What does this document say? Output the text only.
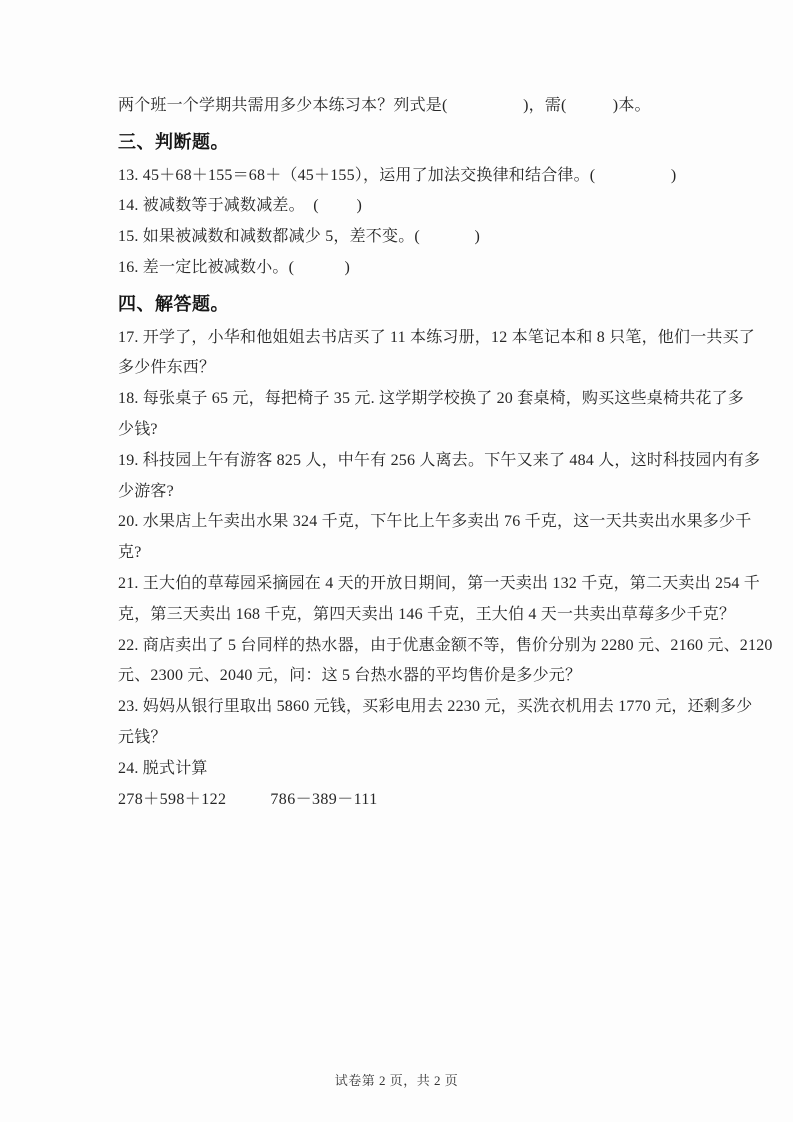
两个班一个学期共需用多少本练习本？列式是(                  )，需(           )本。
三、判断题。
13. 45＋68＋155＝68＋（45＋155），运用了加法交换律和结合律。(                  )
14. 被减数等于减数减差。  (         )
15. 如果被减数和减数都减少 5，差不变。(             )
16. 差一定比被减数小。(            )
四、解答题。
17. 开学了，小华和他姐姐去书店买了 11 本练习册，12 本笔记本和 8 只笔，他们一共买了
多少件东西？
18. 每张桌子 65 元，每把椅子 35 元. 这学期学校换了 20 套桌椅，购买这些桌椅共花了多
少钱?
19. 科技园上午有游客 825 人，中午有 256 人离去。下午又来了 484 人，这时科技园内有多
少游客?
20. 水果店上午卖出水果 324 千克，下午比上午多卖出 76 千克，这一天共卖出水果多少千
克?
21. 王大伯的草莓园采摘园在 4 天的开放日期间，第一天卖出 132 千克，第二天卖出 254 千
克，第三天卖出 168 千克，第四天卖出 146 千克，王大伯 4 天一共卖出草莓多少千克？
22. 商店卖出了 5 台同样的热水器，由于优惠金额不等，售价分别为 2280 元、2160 元、2120
元、2300 元、2040 元，问：这 5 台热水器的平均售价是多少元？
23. 妈妈从银行里取出 5860 元钱，买彩电用去 2230 元，买洗衣机用去 1770 元，还剩多少
元钱？
24. 脱式计算
278＋598＋122          786－389－111
试卷第 2 页，共 2 页
